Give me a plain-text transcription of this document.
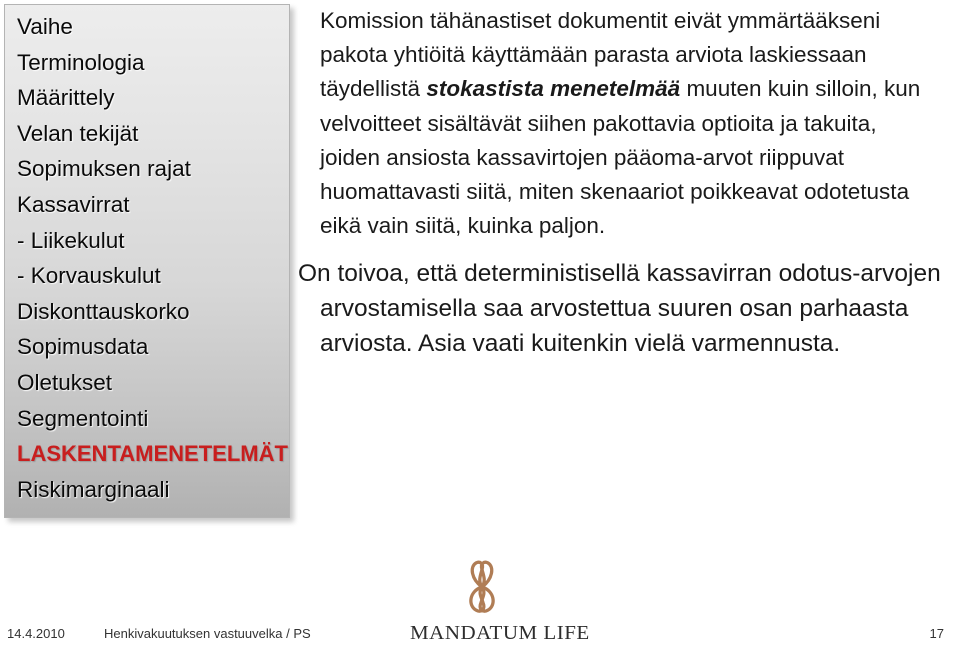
Vaihe
Terminologia
Määrittely
Velan tekijät
Sopimuksen rajat
Kassavirrat
- Liikekulut
- Korvauskulut
Diskonttauskorko
Sopimusdata
Oletukset
Segmentointi
LASKENTAMENETELMÄT
Riskimarginaali

Komission tähänastiset dokumentit eivät ymmärtääkseni pakota yhtiöitä käyttämään parasta arviota laskiessaan täydellistä stokastista menetelmää muuten kuin silloin, kun velvoitteet sisältävät siihen pakottavia optioita ja takuita, joiden ansiosta kassavirtojen pääoma-arvot riippuvat huomattavasti siitä, miten skenaariot poikkeavat odotetusta eikä vain siitä, kuinka paljon.

On toivoa, että deterministisellä kassavirran odotus-arvojen arvostamisella saa arvostettua suuren osan parhaasta arviosta. Asia vaati kuitenkin vielä varmennusta.

14.4.2010	Henkivakuutuksen vastuuvelka / PS	MANDATUM LIFE	17
